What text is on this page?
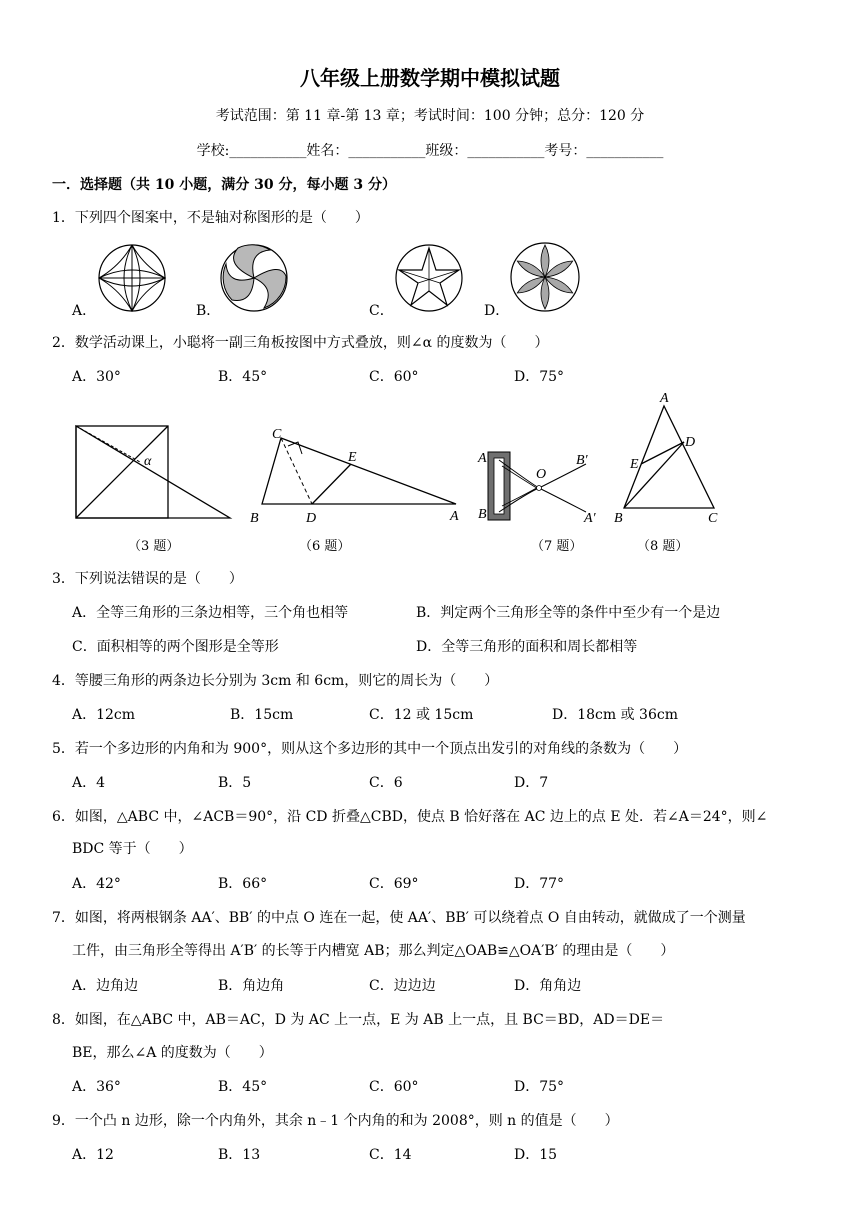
八年级上册数学期中模拟试题
考试范围：第 11 章-第 13 章；考试时间：100 分钟；总分：120 分
学校:___________姓名：___________班级：___________考号：___________
一．选择题（共 10 小题，满分 30 分，每小题 3 分）
1．下列四个图案中，不是轴对称图形的是（　　）
A．	B．	C．	D．
2．数学活动课上，小聪将一副三角板按图中方式叠放，则∠α 的度数为（　　）
A．30°	B．45°	C．60°	D．75°
α
（3 题）
C
E
B	D	A
（6 题）
A
B
O
B′
A′
（7 题）
A
D
E
B	C
（8 题）
3．下列说法错误的是（　　）
A．全等三角形的三条边相等，三个角也相等	B．判定两个三角形全等的条件中至少有一个是边
C．面积相等的两个图形是全等形	D．全等三角形的面积和周长都相等
4．等腰三角形的两条边长分别为 3cm 和 6cm，则它的周长为（　　）
A．12cm	B．15cm	C．12 或 15cm	D．18cm 或 36cm
5．若一个多边形的内角和为 900°，则从这个多边形的其中一个顶点出发引的对角线的条数为（　　）
A．4	B．5	C．6	D．7
6．如图，△ABC 中，∠ACB＝90°，沿 CD 折叠△CBD，使点 B 恰好落在 AC 边上的点 E 处．若∠A＝24°，则∠
BDC 等于（　　）
A．42°	B．66°	C．69°	D．77°
7．如图，将两根钢条 AA′、BB′ 的中点 O 连在一起，使 AA′、BB′ 可以绕着点 O 自由转动，就做成了一个测量
工件，由三角形全等得出 A′B′ 的长等于内槽宽 AB；那么判定△OAB≌△OA′B′ 的理由是（　　）
A．边角边	B．角边角	C．边边边	D．角角边
8．如图，在△ABC 中，AB＝AC，D 为 AC 上一点，E 为 AB 上一点，且 BC＝BD，AD＝DE＝
BE，那么∠A 的度数为（　　）
A．36°	B．45°	C．60°	D．75°
9．一个凸 n 边形，除一个内角外，其余 n﹣1 个内角的和为 2008°，则 n 的值是（　　）
A．12	B．13	C．14	D．15
